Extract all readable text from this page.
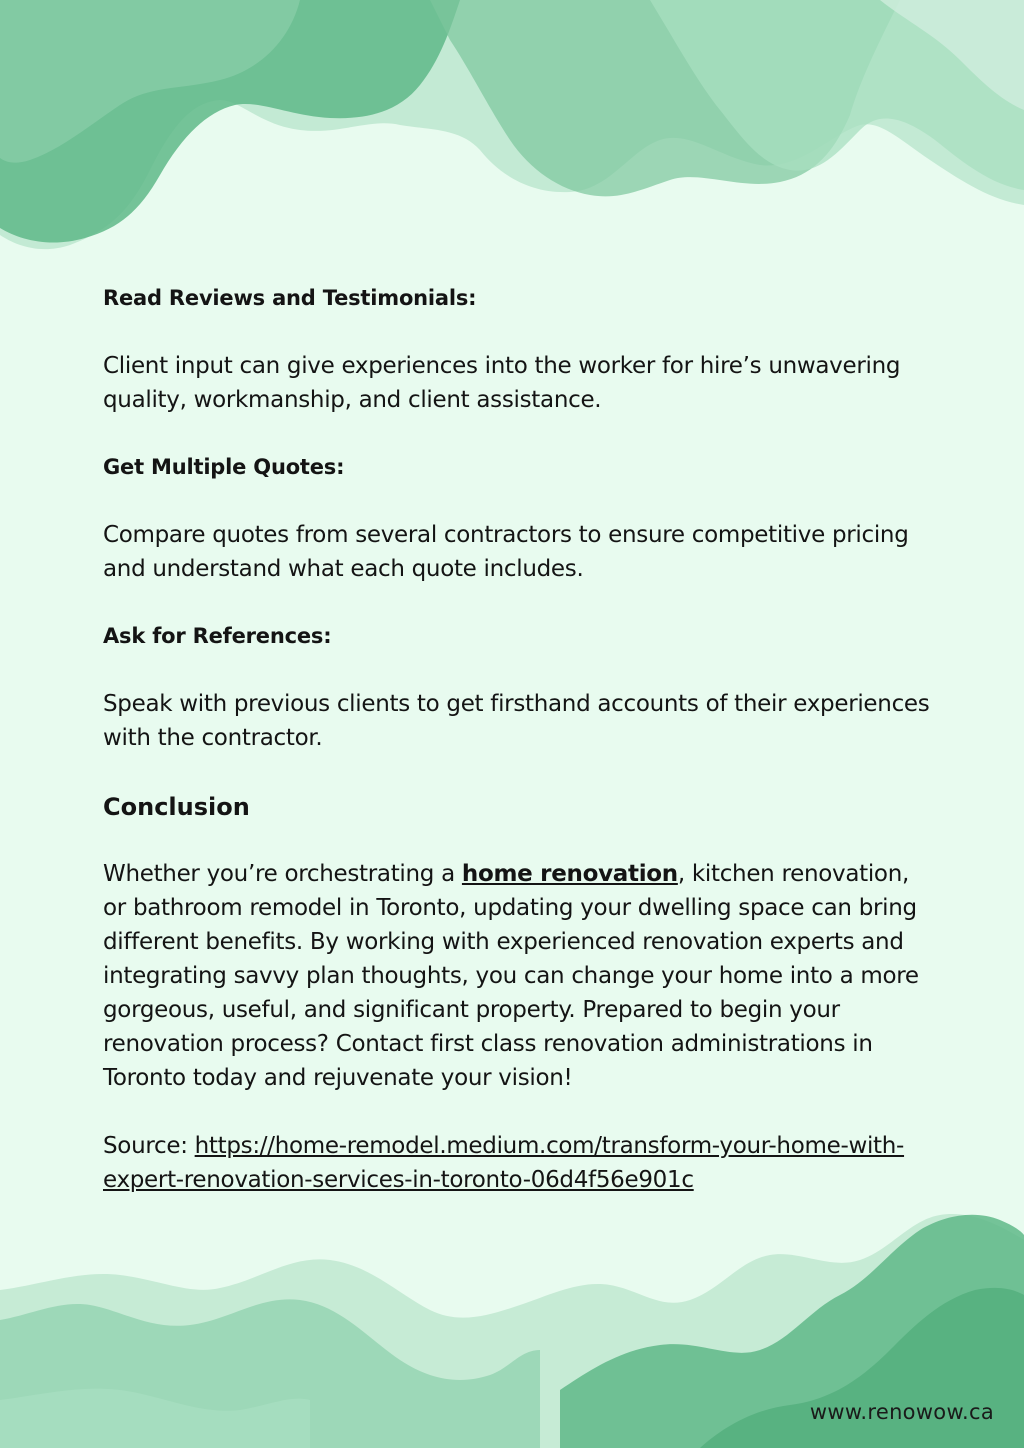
Read Reviews and Testimonials:
Client input can give experiences into the worker for hire’s unwavering quality, workmanship, and client assistance.
Get Multiple Quotes:
Compare quotes from several contractors to ensure competitive pricing and understand what each quote includes.
Ask for References:
Speak with previous clients to get firsthand accounts of their experiences with the contractor.
Conclusion
Whether you’re orchestrating a home renovation, kitchen renovation, or bathroom remodel in Toronto, updating your dwelling space can bring different benefits. By working with experienced renovation experts and integrating savvy plan thoughts, you can change your home into a more gorgeous, useful, and significant property. Prepared to begin your renovation process? Contact first class renovation administrations in Toronto today and rejuvenate your vision!
Source: https://home-remodel.medium.com/transform-your-home-with-expert-renovation-services-in-toronto-06d4f56e901c
www.renowow.ca
